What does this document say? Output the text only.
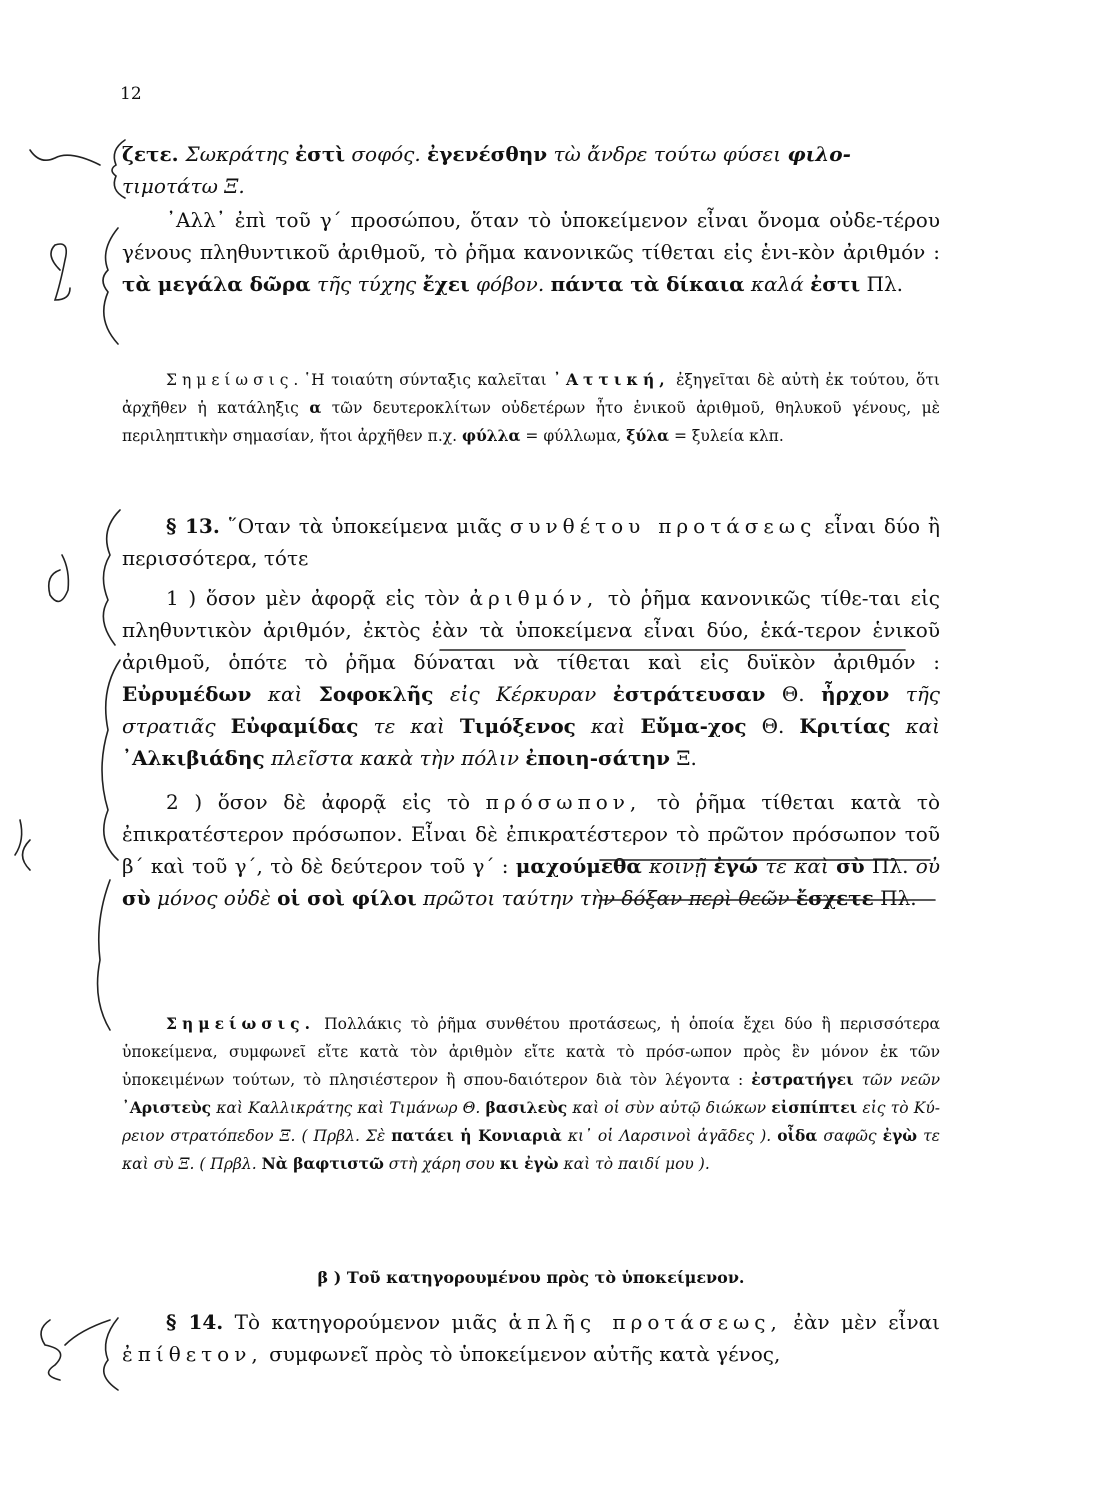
12

ζετε. Σωκράτης ἐστὶ σοφός. ἐγενέσθην τὼ ἄνδρε τούτω φύσει φιλο-
τιμοτάτω Ξ.

᾿Αλλ᾿ ἐπὶ τοῦ γ΄ προσώπου, ὅταν τὸ ὑποκείμενον εἶναι ὄνομα οὐδε-τέρου γένους πληθυντικοῦ ἀριθμοῦ, τὸ ῥῆμα κανονικῶς τίθεται εἰς ἑνι-κὸν ἀριθμόν : τὰ μεγάλα δῶρα τῆς τύχης ἔχει φόβον. πάντα τὰ δίκαια καλά ἐστι Πλ.

Σημείωσις.῾Η τοιαύτη σύνταξις καλεῖται ᾿Αττική, ἐξηγεῖται δὲ αὐτὴ ἐκ τούτου, ὅτι ἀρχῆθεν ἡ κατάληξις α τῶν δευτεροκλίτων οὐδετέρων ἦτο ἑνικοῦ ἀριθμοῦ, θηλυκοῦ γένους, μὲ περιληπτικὴν σημασίαν, ἤτοι ἀρχῆθεν π.χ. φύλλα = φύλλωμα, ξύλα = ξυλεία κλπ.

§ 13. ῞Οταν τὰ ὑποκείμενα μιᾶς συνθέτου προτάσεως εἶναι δύο ἢ περισσότερα, τότε

1 ) ὅσον μὲν ἀφορᾷ εἰς τὸν ἀριθμόν, τὸ ῥῆμα κανονικῶς τίθε-ται εἰς πληθυντικὸν ἀριθμόν, ἐκτὸς ἐὰν τὰ ὑποκείμενα εἶναι δύο, ἑκά-τερον ἑνικοῦ ἀριθμοῦ, ὁπότε τὸ ῥῆμα δύναται νὰ τίθεται καὶ εἰς δυϊκὸν ἀριθμόν : Εὐρυμέδων καὶ Σοφοκλῆς εἰς Κέρκυραν ἐστράτευσαν Θ. ἦρχον τῆς στρατιᾶς Εὐφαμίδας τε καὶ Τιμόξενος καὶ Εὔμα-χος Θ. Κριτίας καὶ ᾿Αλκιβιάδης πλεῖστα κακὰ τὴν πόλιν ἐποιη-σάτην Ξ.

2 ) ὅσον δὲ ἀφορᾷ εἰς τὸ πρόσωπον, τὸ ῥῆμα τίθεται κατὰ τὸ ἐπικρατέστερον πρόσωπον. Εἶναι δὲ ἐπικρατέστερον τὸ πρῶτον πρόσωπον τοῦ β΄ καὶ τοῦ γ΄, τὸ δὲ δεύτερον τοῦ γ΄ : μαχούμεθα κοινῇ ἐγώ τε καὶ σὺ Πλ. οὐ σὺ μόνος οὐδὲ οἱ σοὶ φίλοι πρῶτοι ταύτην τὴν δόξαν περὶ θεῶν ἔσχετε Πλ.

Σημείωσις. Πολλάκις τὸ ῥῆμα συνθέτου προτάσεως, ἡ ὁποία ἔχει δύο ἢ περισσότερα ὑποκείμενα, συμφωνεῖ εἴτε κατὰ τὸν ἀριθμὸν εἴτε κατὰ τὸ πρόσ-ωπον πρὸς ἓν μόνον ἐκ τῶν ὑποκειμένων τούτων, τὸ πλησιέστερον ἢ σπου-δαιότερον διὰ τὸν λέγοντα : ἐστρατήγει τῶν νεῶν ᾿Αριστεὺς καὶ Καλλικράτης καὶ Τιμάνωρ Θ. βασιλεὺς καὶ οἱ σὺν αὐτῷ διώκων εἰσπίπτει εἰς τὸ Κύ-ρειον στρατόπεδον Ξ. ( Πρβλ. Σὲ πατάει ἡ Κονιαριὰ κι᾿ οἱ Λαρσινοὶ ἀγᾶδες ). οἶδα σαφῶς ἐγὼ τε καὶ σὺ Ξ. ( Πρβλ. Νὰ βαφτιστῶ στὴ χάρη σου κι ἐγὼ καὶ τὸ παιδί μου ).

β ) Τοῦ κατηγορουμένου πρὸς τὸ ὑποκείμενον.

§ 14. Τὸ κατηγορούμενον μιᾶς ἁπλῆς προτάσεως, ἐὰν μὲν εἶναι ἐπίθετον, συμφωνεῖ πρὸς τὸ ὑποκείμενον αὐτῆς κατὰ γένος,
